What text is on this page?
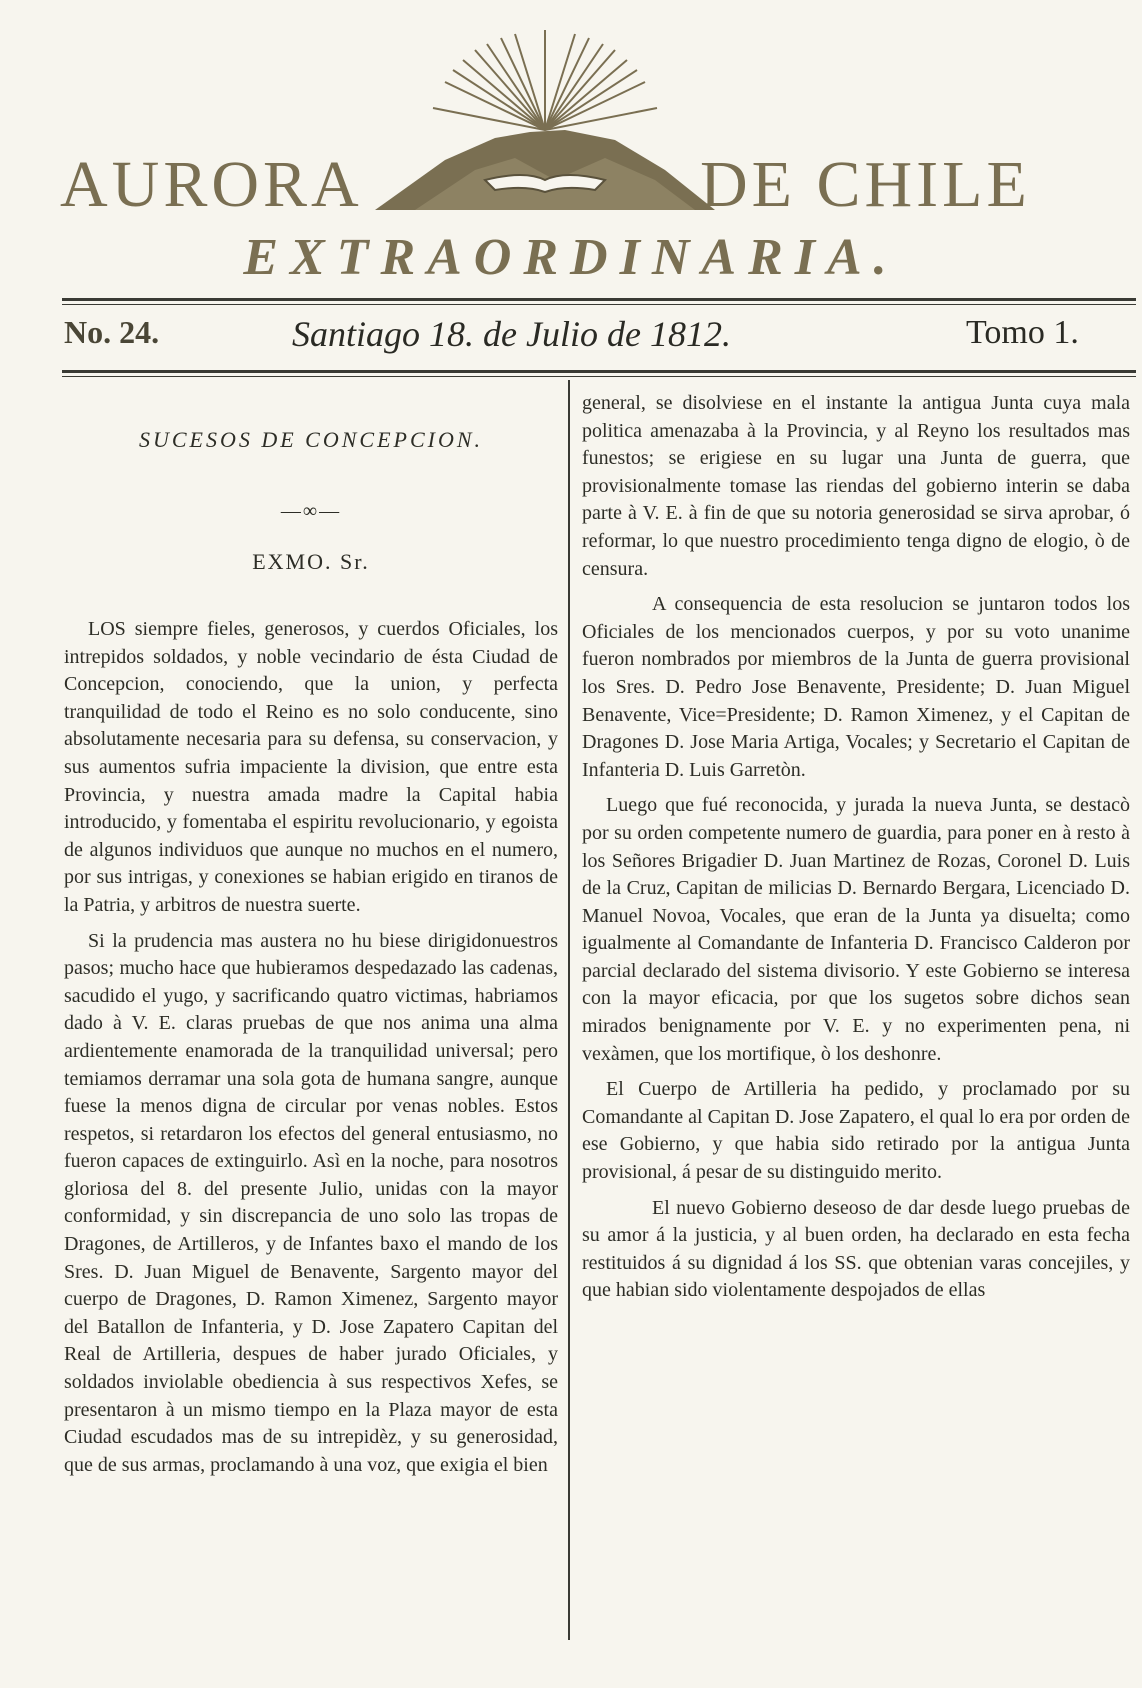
AURORA	DE CHILE
EXTRAORDINARIA.
No. 24.	Santiago 18. de Julio de 1812.	Tomo 1.
SUCESOS DE CONCEPCION.
—∞—
EXMO. Sr.

LOS siempre fieles, generosos, y cuerdos Oficiales, los intrepidos soldados, y noble vecindario de ésta Ciudad de Concepcion, conociendo, que la union, y perfecta tranquilidad de todo el Reino es no solo conducente, sino absolutamente necesaria para su defensa, su conservacion, y sus aumentos sufria impaciente la division, que entre esta Provincia, y nuestra amada madre la Capital habia introducido, y fomentaba el espiritu revolucionario, y egoista de algunos individuos que aunque no muchos en el numero, por sus intrigas, y conexiones se habian erigido en tiranos de la Patria, y arbitros de nuestra suerte.

Si la prudencia mas austera no hu biese dirigidonuestros pasos; mucho hace que hubieramos despedazado las cadenas, sacudido el yugo, y sacrificando quatro victimas, habriamos dado à V. E. claras pruebas de que nos anima una alma ardientemente enamorada de la tranquilidad universal; pero temiamos derramar una sola gota de humana sangre, aunque fuese la menos digna de circular por venas nobles. Estos respetos, si retardaron los efectos del general entusiasmo, no fueron capaces de extinguirlo. Asì en la noche, para nosotros gloriosa del 8. del presente Julio, unidas con la mayor conformidad, y sin discrepancia de uno solo las tropas de Dragones, de Artilleros, y de Infantes baxo el mando de los Sres. D. Juan Miguel de Benavente, Sargento mayor del cuerpo de Dragones, D. Ramon Ximenez, Sargento mayor del Batallon de Infanteria, y D. Jose Zapatero Capitan del Real de Artilleria, despues de haber jurado Oficiales, y soldados inviolable obediencia à sus respectivos Xefes, se presentaron à un mismo tiempo en la Plaza mayor de esta Ciudad escudados mas de su intrepidèz, y su generosidad, que de sus armas, proclamando à una voz, que exigia el bien

general, se disolviese en el instante la antigua Junta cuya mala politica amenazaba à la Provincia, y al Reyno los resultados mas funestos; se erigiese en su lugar una Junta de guerra, que provisionalmente tomase las riendas del gobierno interin se daba parte à V. E. à fin de que su notoria generosidad se sirva aprobar, ó reformar, lo que nuestro procedimiento tenga digno de elogio, ò de censura.

A consequencia de esta resolucion se juntaron todos los Oficiales de los mencionados cuerpos, y por su voto unanime fueron nombrados por miembros de la Junta de guerra provisional los Sres. D. Pedro Jose Benavente, Presidente; D. Juan Miguel Benavente, Vice=Presidente; D. Ramon Ximenez, y el Capitan de Dragones D. Jose Maria Artiga, Vocales; y Secretario el Capitan de Infanteria D. Luis Garretòn.

Luego que fué reconocida, y jurada la nueva Junta, se destacò por su orden competente numero de guardia, para poner en à resto à los Señores Brigadier D. Juan Martinez de Rozas, Coronel D. Luis de la Cruz, Capitan de milicias D. Bernardo Bergara, Licenciado D. Manuel Novoa, Vocales, que eran de la Junta ya disuelta; como igualmente al Comandante de Infanteria D. Francisco Calderon por parcial declarado del sistema divisorio. Y este Gobierno se interesa con la mayor eficacia, por que los sugetos sobre dichos sean mirados benignamente por V. E. y no experimenten pena, ni vexàmen, que los mortifique, ò los deshonre.

El Cuerpo de Artilleria ha pedido, y proclamado por su Comandante al Capitan D. Jose Zapatero, el qual lo era por orden de ese Gobierno, y que habia sido retirado por la antigua Junta provisional, á pesar de su distinguido merito.

El nuevo Gobierno deseoso de dar desde luego pruebas de su amor á la justicia, y al buen orden, ha declarado en esta fecha restituidos á su dignidad á los SS. que obtenian varas concejiles, y que habian sido violentamente despojados de ellas
